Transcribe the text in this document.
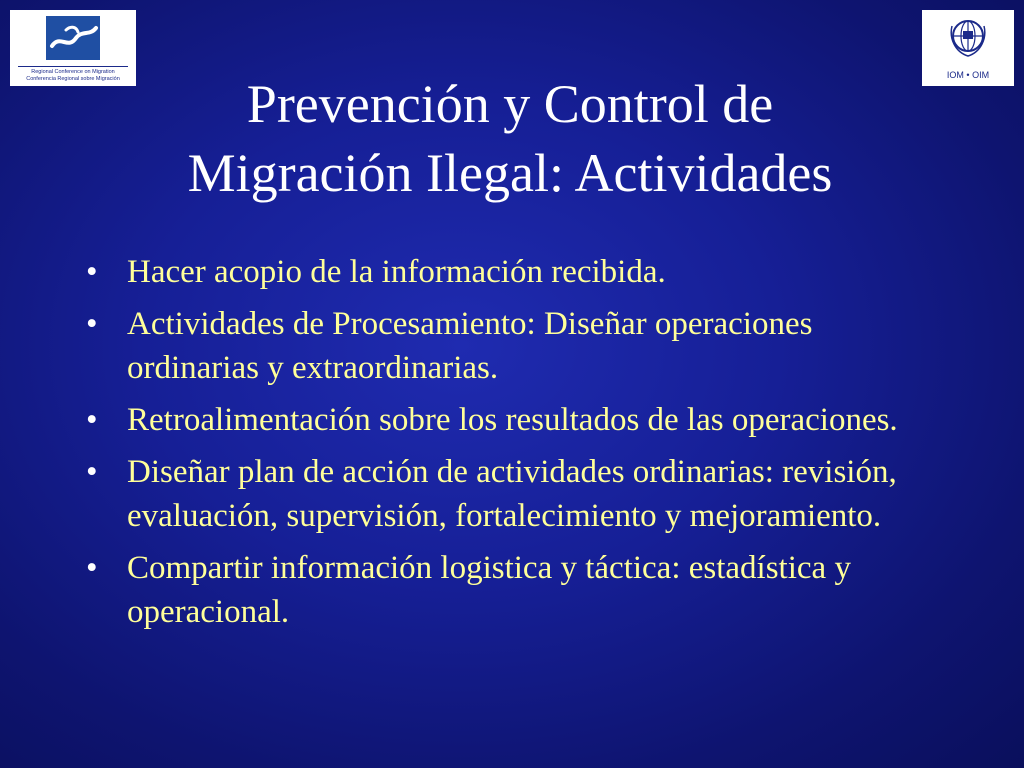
Regional Conference on Migration
Conferencia Regional sobre Migración	IOM • OIM
Prevención y Control de
Migración Ilegal: Actividades
• Hacer acopio de la información recibida.
• Actividades de Procesamiento: Diseñar operaciones ordinarias y extraordinarias.
• Retroalimentación sobre los resultados de las operaciones.
• Diseñar plan de acción de actividades ordinarias: revisión, evaluación, supervisión, fortalecimiento y mejoramiento.
• Compartir información logistica y táctica: estadística y operacional.
